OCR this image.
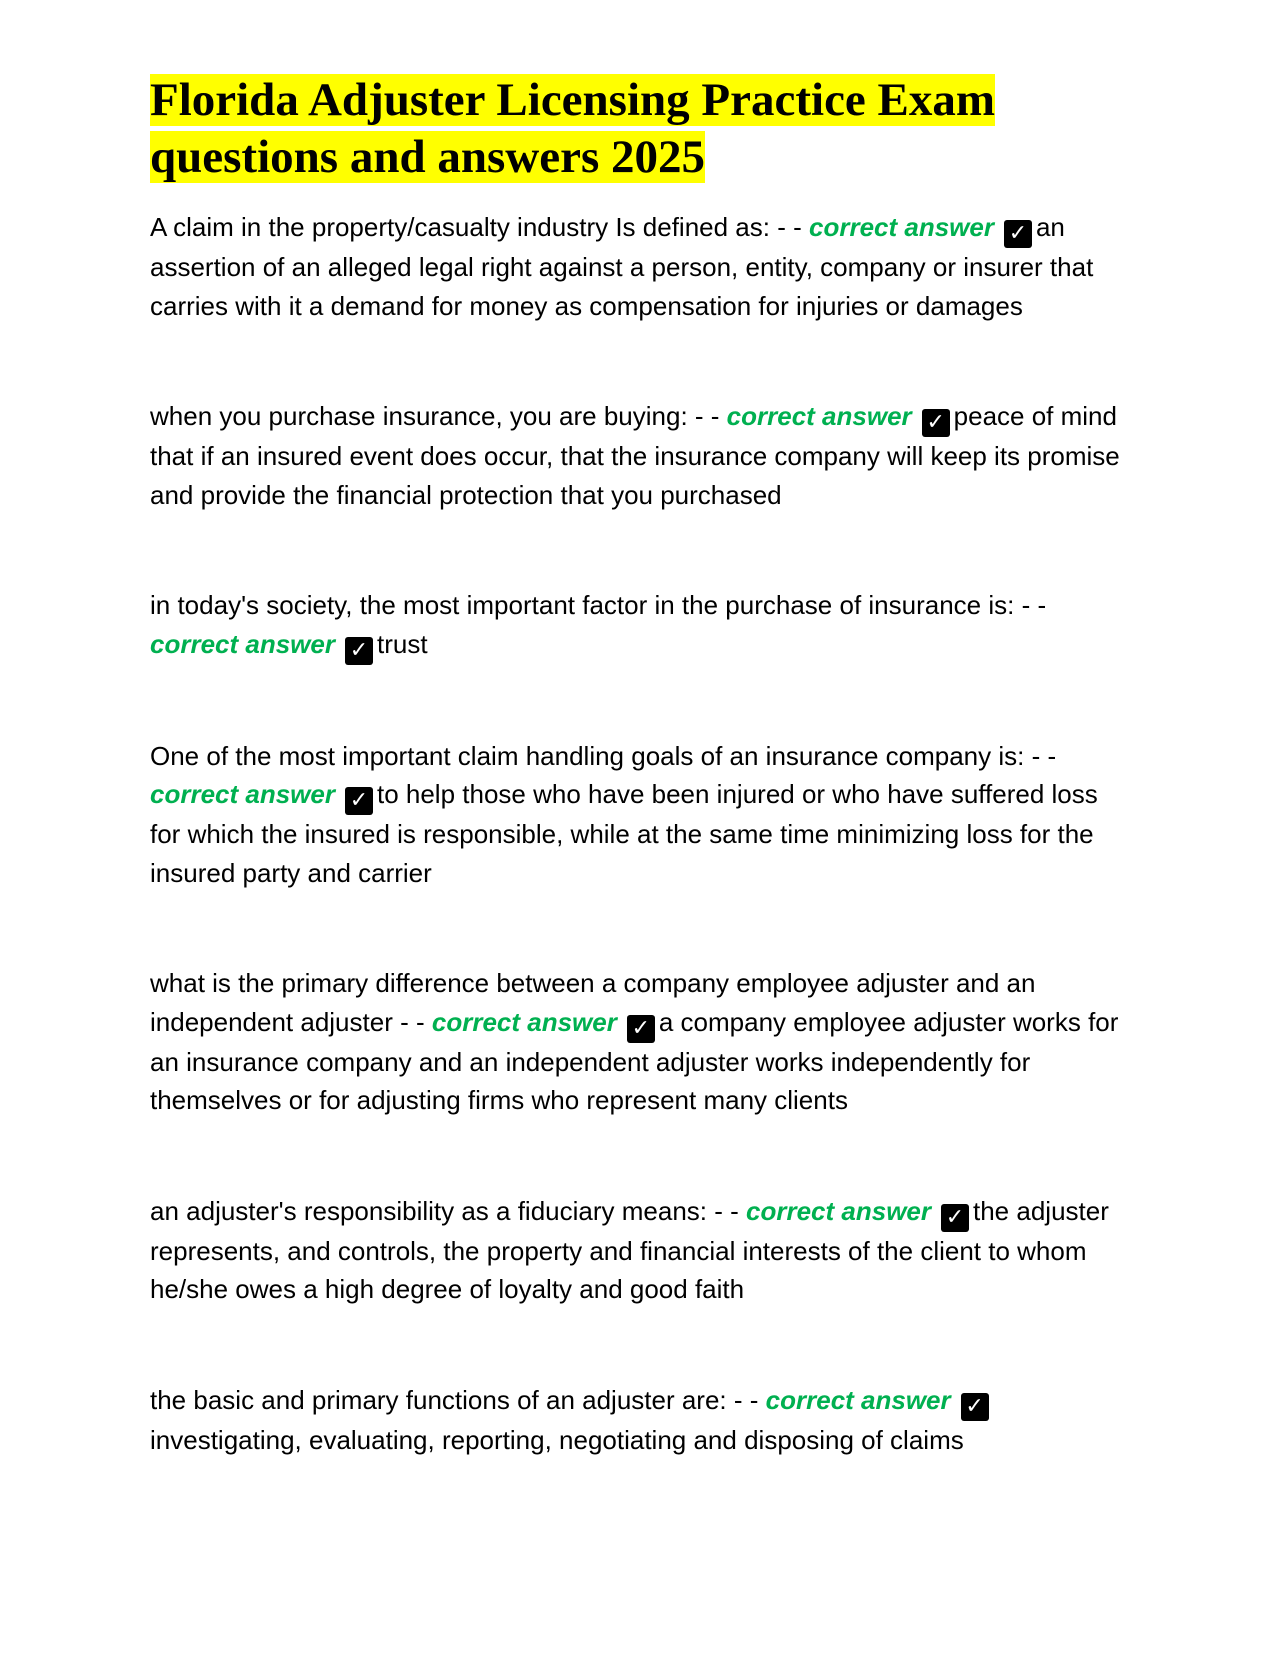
Florida Adjuster Licensing Practice Exam questions and answers 2025

A claim in the property/casualty industry Is defined as: - - correct answer ✓ an assertion of an alleged legal right against a person, entity, company or insurer that carries with it a demand for money as compensation for injuries or damages

when you purchase insurance, you are buying: - - correct answer ✓ peace of mind that if an insured event does occur, that the insurance company will keep its promise and provide the financial protection that you purchased

in today's society, the most important factor in the purchase of insurance is: - - correct answer ✓ trust

One of the most important claim handling goals of an insurance company is: - - correct answer ✓ to help those who have been injured or who have suffered loss for which the insured is responsible, while at the same time minimizing loss for the insured party and carrier

what is the primary difference between a company employee adjuster and an independent adjuster - - correct answer ✓ a company employee adjuster works for an insurance company and an independent adjuster works independently for themselves or for adjusting firms who represent many clients

an adjuster's responsibility as a fiduciary means: - - correct answer ✓ the adjuster represents, and controls, the property and financial interests of the client to whom he/she owes a high degree of loyalty and good faith

the basic and primary functions of an adjuster are: - - correct answer ✓investigating, evaluating, reporting, negotiating and disposing of claims
